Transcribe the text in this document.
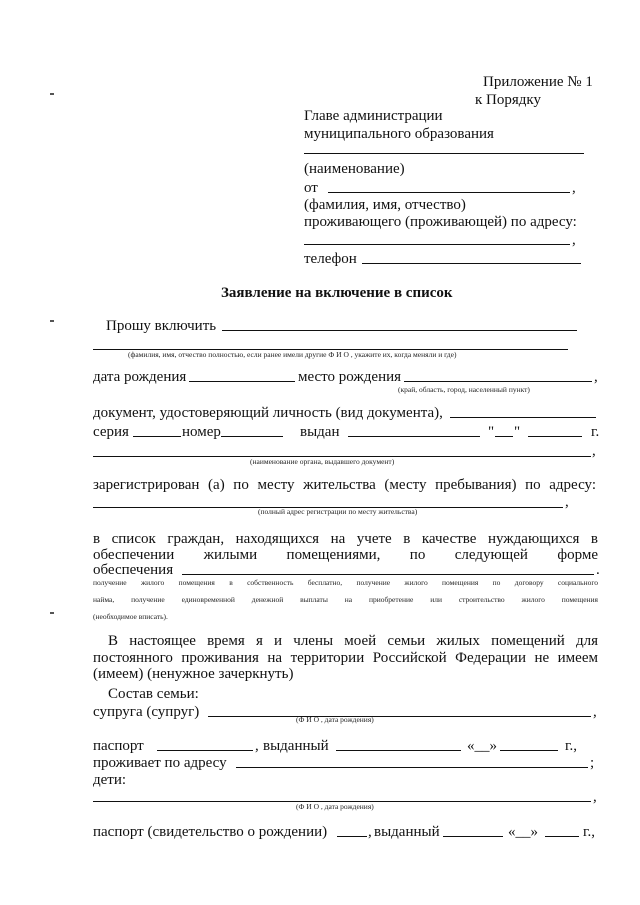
Приложение № 1
к Порядку
Главе администрации
муниципального образования
(наименование)
от	,
(фамилия, имя, отчество)
проживающего (проживающей) по адресу:
,
телефон
Заявление на включение в список
Прошу включить
(фамилия, имя, отчество полностью, если ранее имели другие Ф И О , укажите их, когда меняли и где)
дата рождения	место рождения	,
(край, область, город, населенный пункт)
документ, удостоверяющий личность (вид документа),
серия	номер	выдан	" "	г.
,
(наименование органа, выдавшего документ)
зарегистрирован (а) по месту жительства (месту пребывания) по адресу:
,
(полный адрес регистрации по месту жительства)
в список граждан, находящихся на учете в качестве нуждающихся в
обеспечении жилыми помещениями, по следующей форме
обеспечения	.
получение жилого помещения в собственность бесплатно, получение жилого помещения по договору социального
найма, получение единовременной денежной выплаты на приобретение или строительство жилого помещения
(необходимое вписать).
В настоящее время я и члены моей семьи жилых помещений для
постоянного проживания на территории Российской Федерации не имеем
(имеем) (ненужное зачеркнуть)
Состав семьи:
супруга (супруг)	,
(Ф И О , дата рождения)
паспорт	, выданный	«__»	г.,
проживает по адресу	;
дети:
,
(Ф И О , дата рождения)
паспорт (свидетельство о рождении)	, выданный	«__»	г.,
